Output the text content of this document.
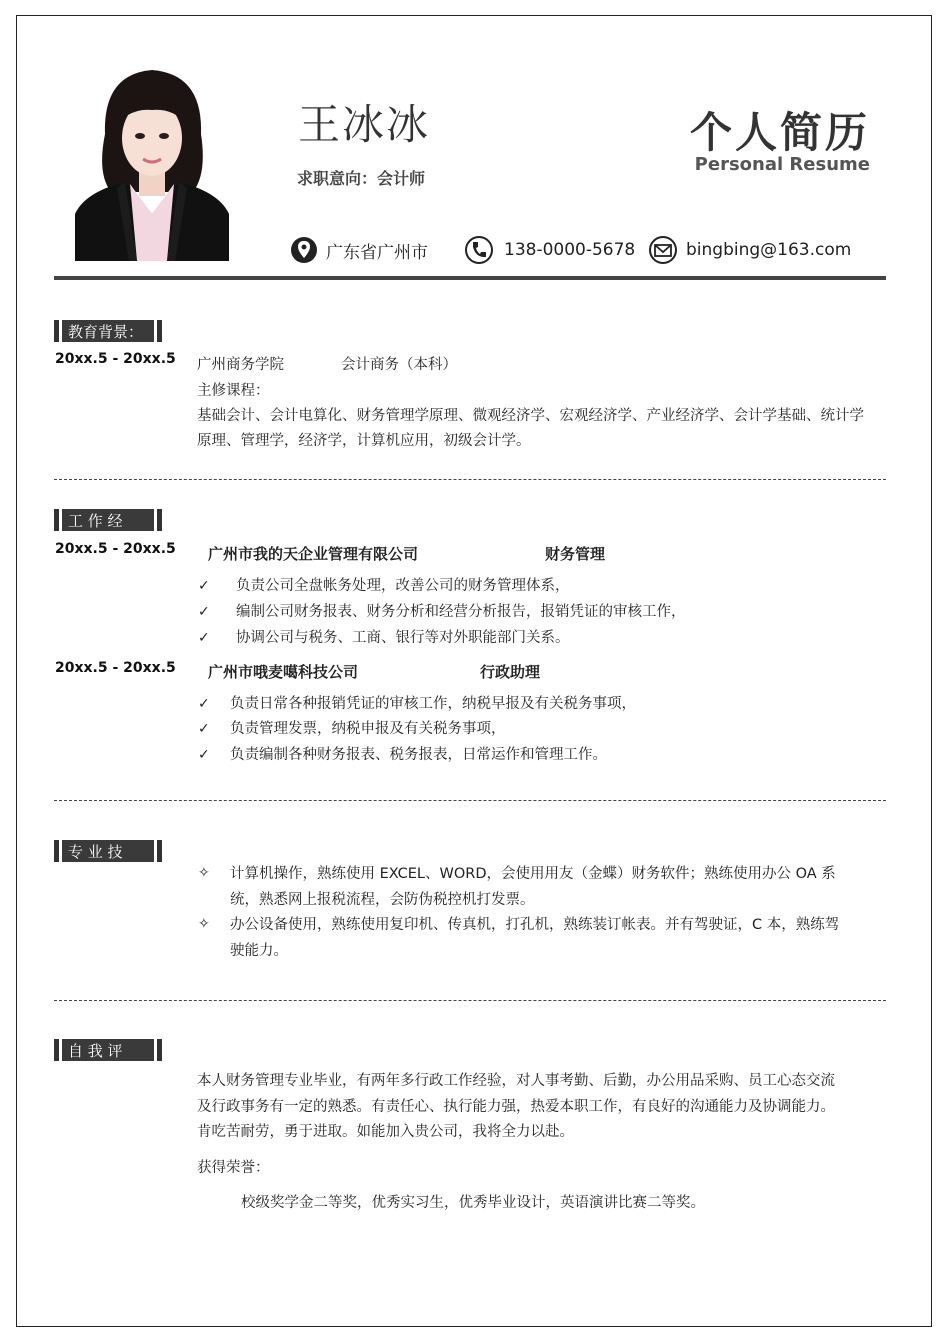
王冰冰
求职意向：会计师
个人简历
Personal Resume
广东省广州市	138-0000-5678	bingbing@163.com
教育背景：
20xx.5 - 20xx.5 广州商务学院	会计商务（本科）
主修课程：
基础会计、会计电算化、财务管理学原理、微观经济学、宏观经济学、产业经济学、会计学基础、统计学
原理、管理学，经济学，计算机应用，初级会计学。
工 作 经
20xx.5 - 20xx.5 广州市我的天企业管理有限公司	财务管理
✓ 负责公司全盘帐务处理，改善公司的财务管理体系，
✓ 编制公司财务报表、财务分析和经营分析报告，报销凭证的审核工作，
✓ 协调公司与税务、工商、银行等对外职能部门关系。
20xx.5 - 20xx.5 广州市哦麦噶科技公司	行政助理
✓ 负责日常各种报销凭证的审核工作，纳税早报及有关税务事项，
✓ 负责管理发票，纳税申报及有关税务事项，
✓ 负责编制各种财务报表、税务报表，日常运作和管理工作。
专 业 技
✧ 计算机操作，熟练使用 EXCEL、WORD，会使用用友（金蝶）财务软件；熟练使用办公 OA 系
统，熟悉网上报税流程，会防伪税控机打发票。
✧ 办公设备使用，熟练使用复印机、传真机，打孔机，熟练装订帐表。并有驾驶证，C 本，熟练驾
驶能力。
自 我 评
本人财务管理专业毕业，有两年多行政工作经验，对人事考勤、后勤，办公用品采购、员工心态交流
及行政事务有一定的熟悉。有责任心、执行能力强，热爱本职工作，有良好的沟通能力及协调能力。
肯吃苦耐劳，勇于进取。如能加入贵公司，我将全力以赴。
获得荣誉：
校级奖学金二等奖，优秀实习生，优秀毕业设计，英语演讲比赛二等奖。
